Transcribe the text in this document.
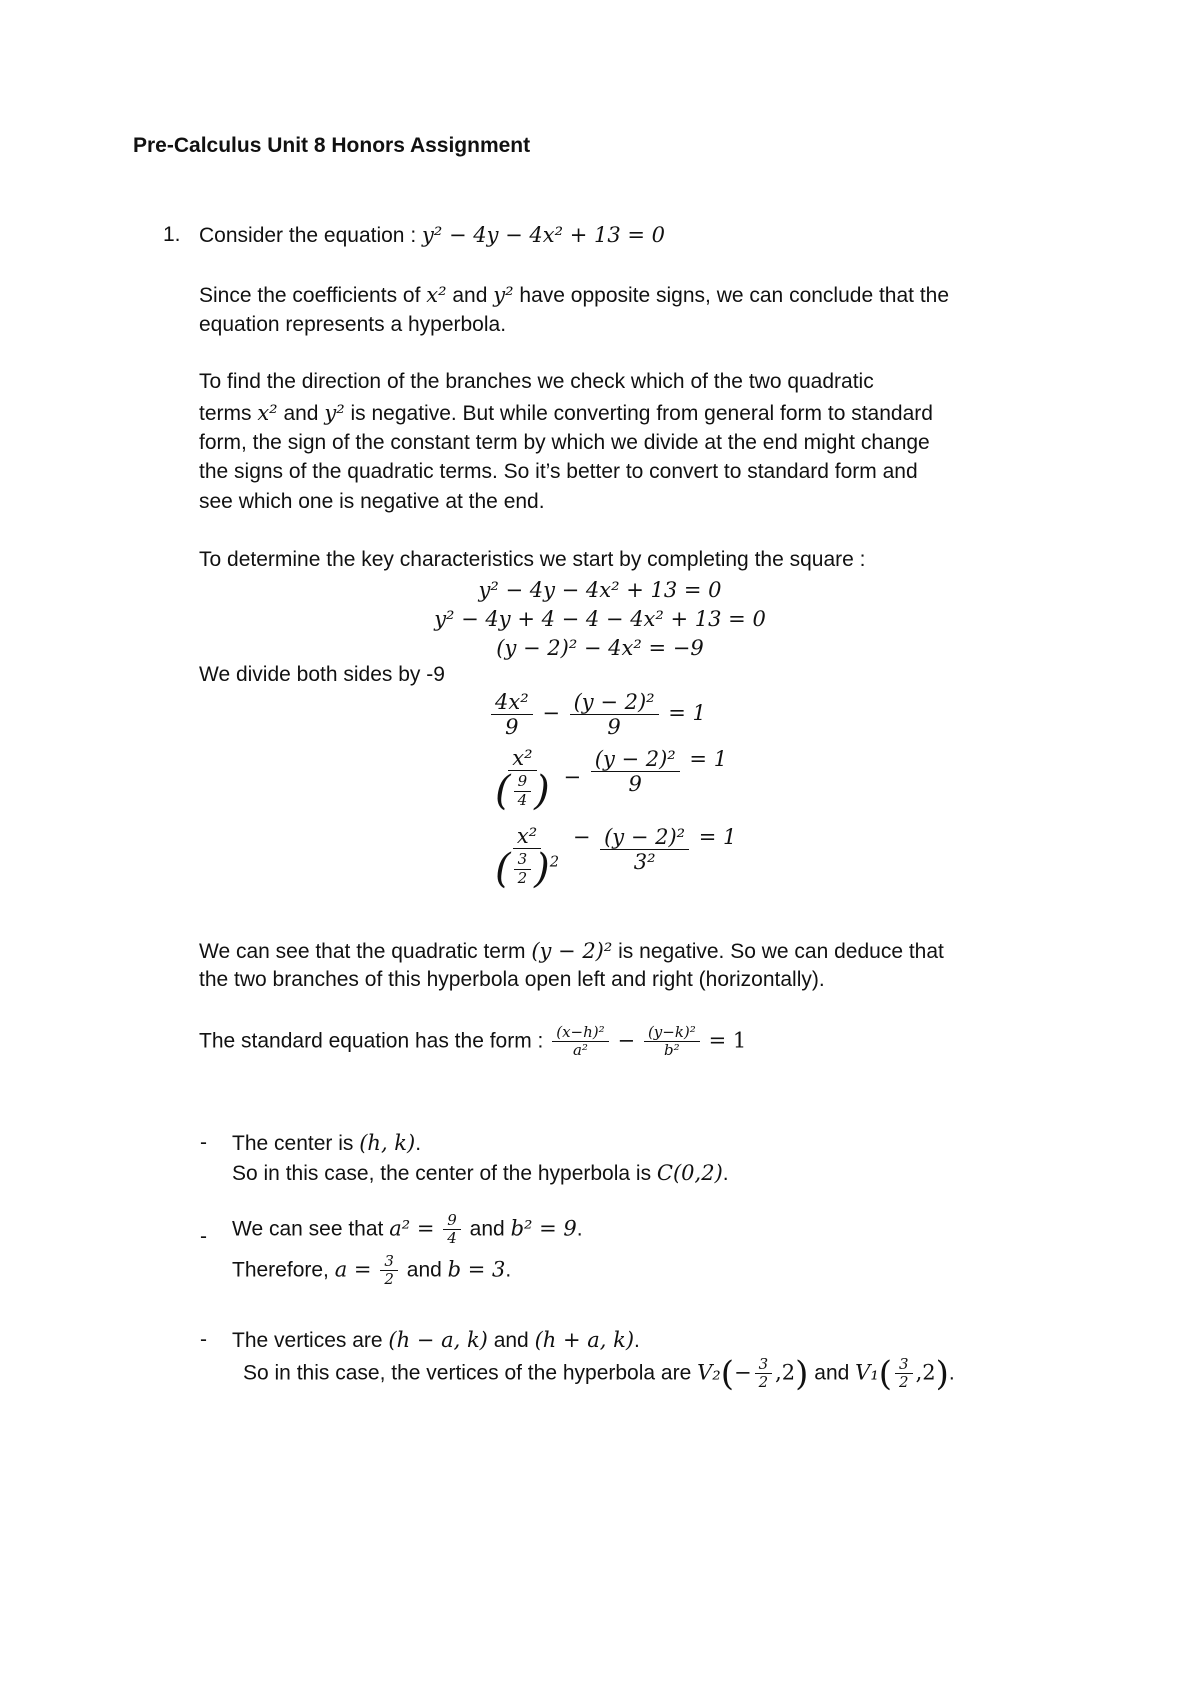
Pre-Calculus Unit 8 Honors Assignment
1. Consider the equation : y² − 4y − 4x² + 13 = 0
Since the coefficients of x² and y² have opposite signs, we can conclude that the
equation represents a hyperbola.
To find the direction of the branches we check which of the two quadratic
terms x² and y² is negative. But while converting from general form to standard
form, the sign of the constant term by which we divide at the end might change
the signs of the quadratic terms. So it’s better to convert to standard form and
see which one is negative at the end.
To determine the key characteristics we start by completing the square :
y² − 4y − 4x² + 13 = 0
y² − 4y + 4 − 4 − 4x² + 13 = 0
(y − 2)² − 4x² = −9
We divide both sides by -9
$\frac{\text{4x²}}{9} - \frac{\text{(y − 2)²}}{9} = 1$
$\frac{\text{x²}}{( \frac{9}{4} )} - \frac{\text{(y − 2)²}}{9} = 1$
$\frac{\text{x²}}{( \frac{3}{2} )^2} - \frac{\text{(y − 2)²}}{\text{3²}} = 1$
We can see that the quadratic term (y − 2)² is negative. So we can deduce that
the two branches of this hyperbola open left and right (horizontally).
The standard equation has the form : $\frac{\text{(x−h)²}}{\text{a²}} - \frac{\text{(y−k)²}}{\text{b²}} = 1$
- The center is (h, k).
So in this case, the center of the hyperbola is C(0,2).
- We can see that $a^2 = \frac{9}{4}$ and b² = 9.
Therefore, $a = \frac{3}{2}$ and b = 3.
- The vertices are (h − a, k) and (h + a, k).
So in this case, the vertices of the hyperbola are $V_2(- \frac{3}{2} ,2)$ and $V_1( \frac{3}{2} ,2)$.
